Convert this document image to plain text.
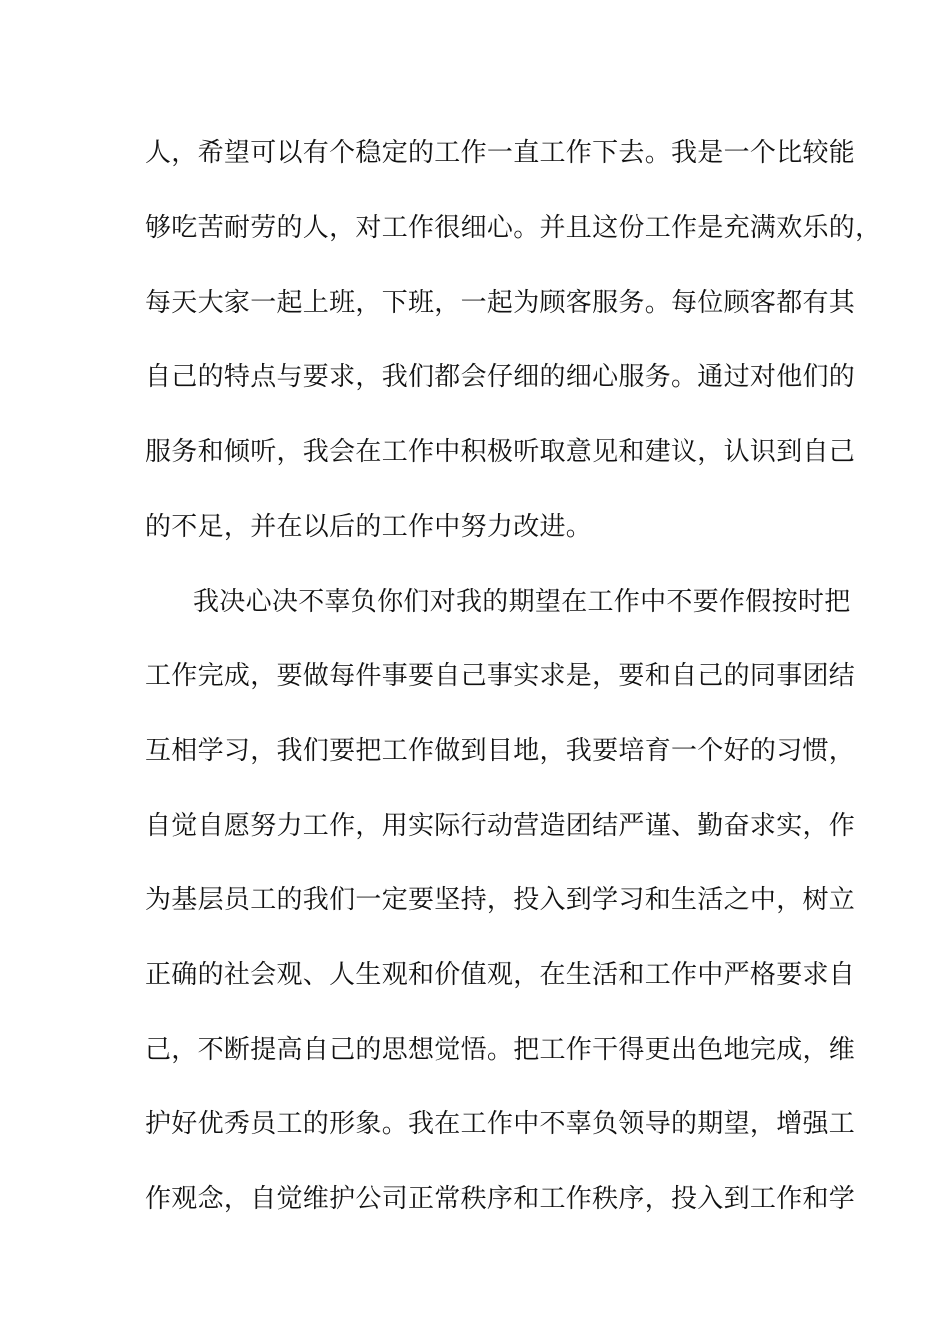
人，希望可以有个稳定的工作一直工作下去。我是一个比较能
够吃苦耐劳的人，对工作很细心。并且这份工作是充满欢乐的，
每天大家一起上班，下班，一起为顾客服务。每位顾客都有其
自己的特点与要求，我们都会仔细的细心服务。通过对他们的
服务和倾听，我会在工作中积极听取意见和建议，认识到自己
的不足，并在以后的工作中努力改进。
我决心决不辜负你们对我的期望在工作中不要作假按时把
工作完成，要做每件事要自己事实求是，要和自己的同事团结
互相学习，我们要把工作做到目地，我要培育一个好的习惯，
自觉自愿努力工作，用实际行动营造团结严谨、勤奋求实，作
为基层员工的我们一定要坚持，投入到学习和生活之中，树立
正确的社会观、人生观和价值观，在生活和工作中严格要求自
己，不断提高自己的思想觉悟。把工作干得更出色地完成，维
护好优秀员工的形象。我在工作中不辜负领导的期望，增强工
作观念，自觉维护公司正常秩序和工作秩序，投入到工作和学
